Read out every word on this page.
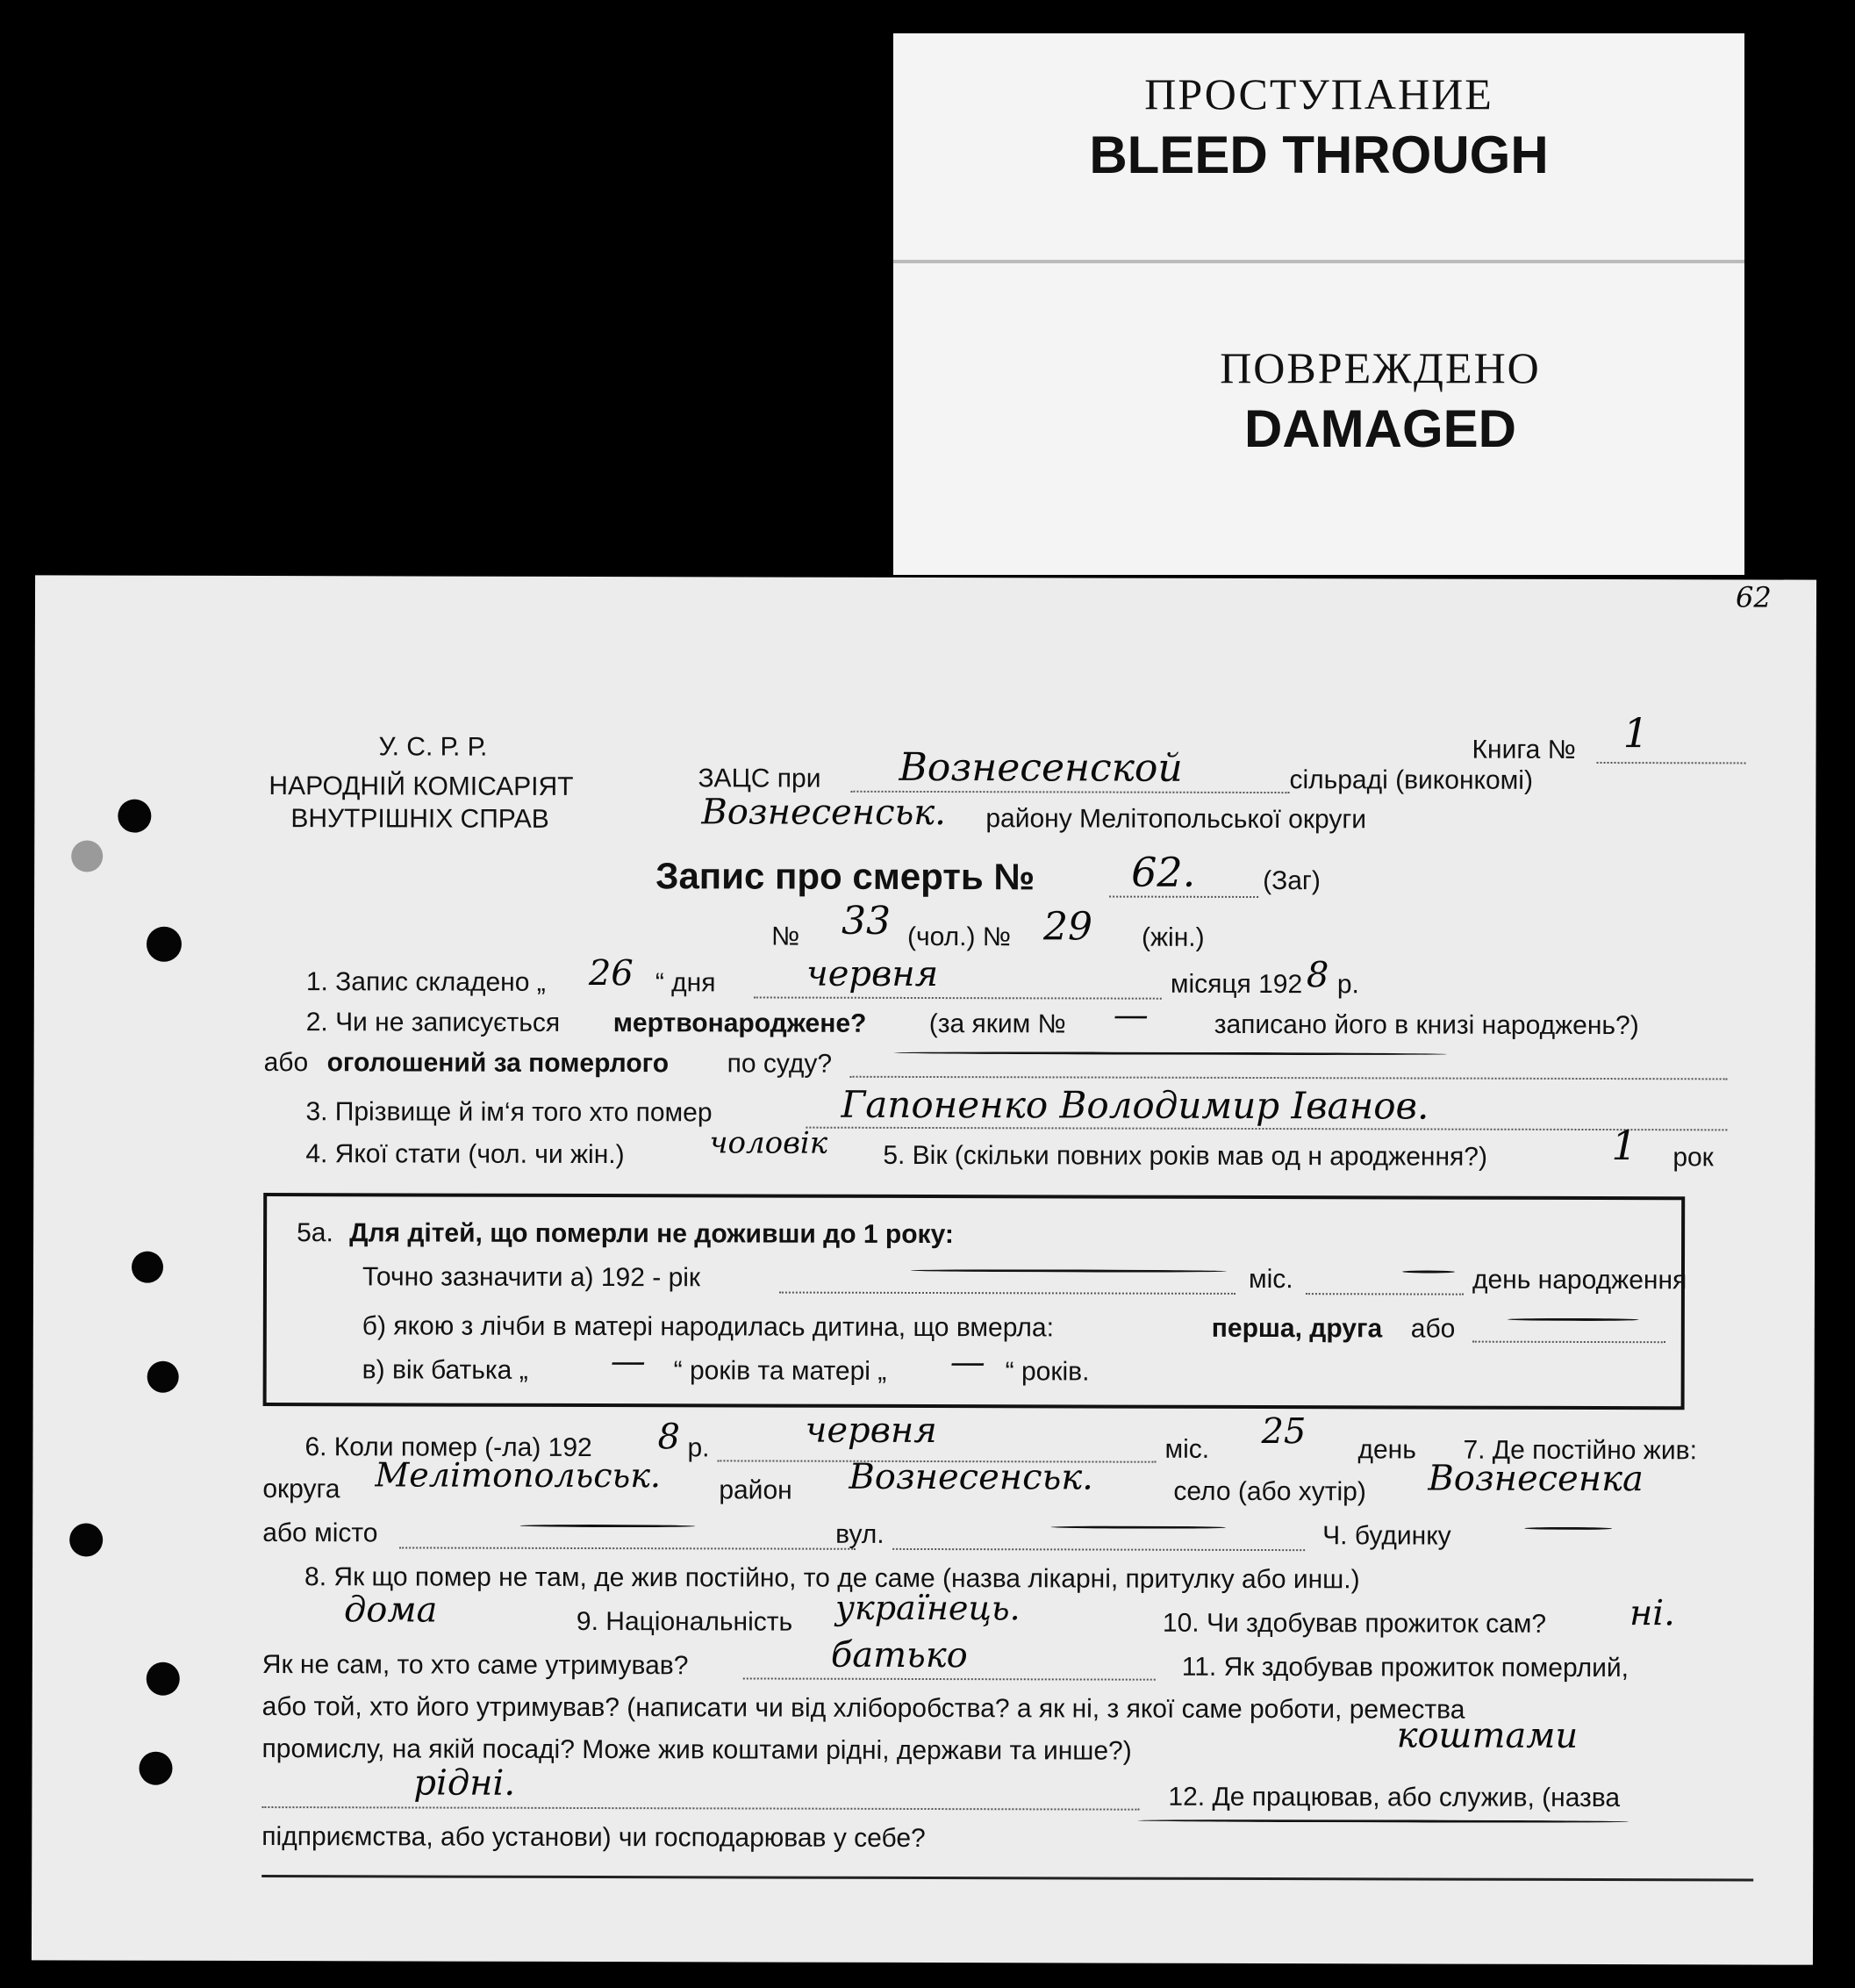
ПРОСТУПАНИЕ
BLEED THROUGH
ПОВРЕЖДЕНО
DAMAGED
62
У. С. Р. Р.
НАРОДНІЙ КОМІСАРІЯТ
ВНУТРІШНІХ СПРАВ
Книга № 1
ЗАЦС при Вознесенской	сільраді (виконкомі)
Вознесенськ. району Мелітопольської округи
Запис про смерть № 62.	(Заг)
№ 33 (чол.) № 29 (жін.)
1. Запис складено „ 26 “ дня	червня	місяця 192 8 р.
2. Чи не записується мертвонароджене? (за яким № — записано його в книзі народжень?)
або оголошений за померлого по суду?
3. Прізвище й ім‘я того хто помер	Гапоненко Володимир Іванов.
4. Якої стати (чол. чи жін.)	чоловік 5. Вік (скільки повних років мав од н ародження?)	1 рок
5а. Для дітей, що померли не доживши до 1 року:
Точно зазначити а) 192 - рік	міс.	день народження
б) якою з лічби в матері народилась дитина, що вмерла:	перша, друга або
в) вік батька „ — “ років та матері „ — “ років.
6. Коли помер (-ла) 192 8 р.	червня	міс. 25 день 7. Де постійно жив:
округа Мелітопольськ. район Вознесенськ.	село (або хутір) Вознесенка
або місто	вул.	Ч. будинку
8. Як що помер не там, де жив постійно, то де саме (назва лікарні, притулку або инш.)
дома	9. Національність українець.	10. Чи здобував прожиток сам? ні.
Як не сам, то хто саме утримував?	батько	11. Як здобував прожиток померлий,
або той, хто його утримував? (написати чи від хліборобства? а як ні, з якої саме роботи, ремества
промислу, на якій посаді? Може жив коштами рідні, держави та инше?)	коштами
рідні.	12. Де працював, або служив, (назва
підприємства, або установи) чи господарював у себе?
